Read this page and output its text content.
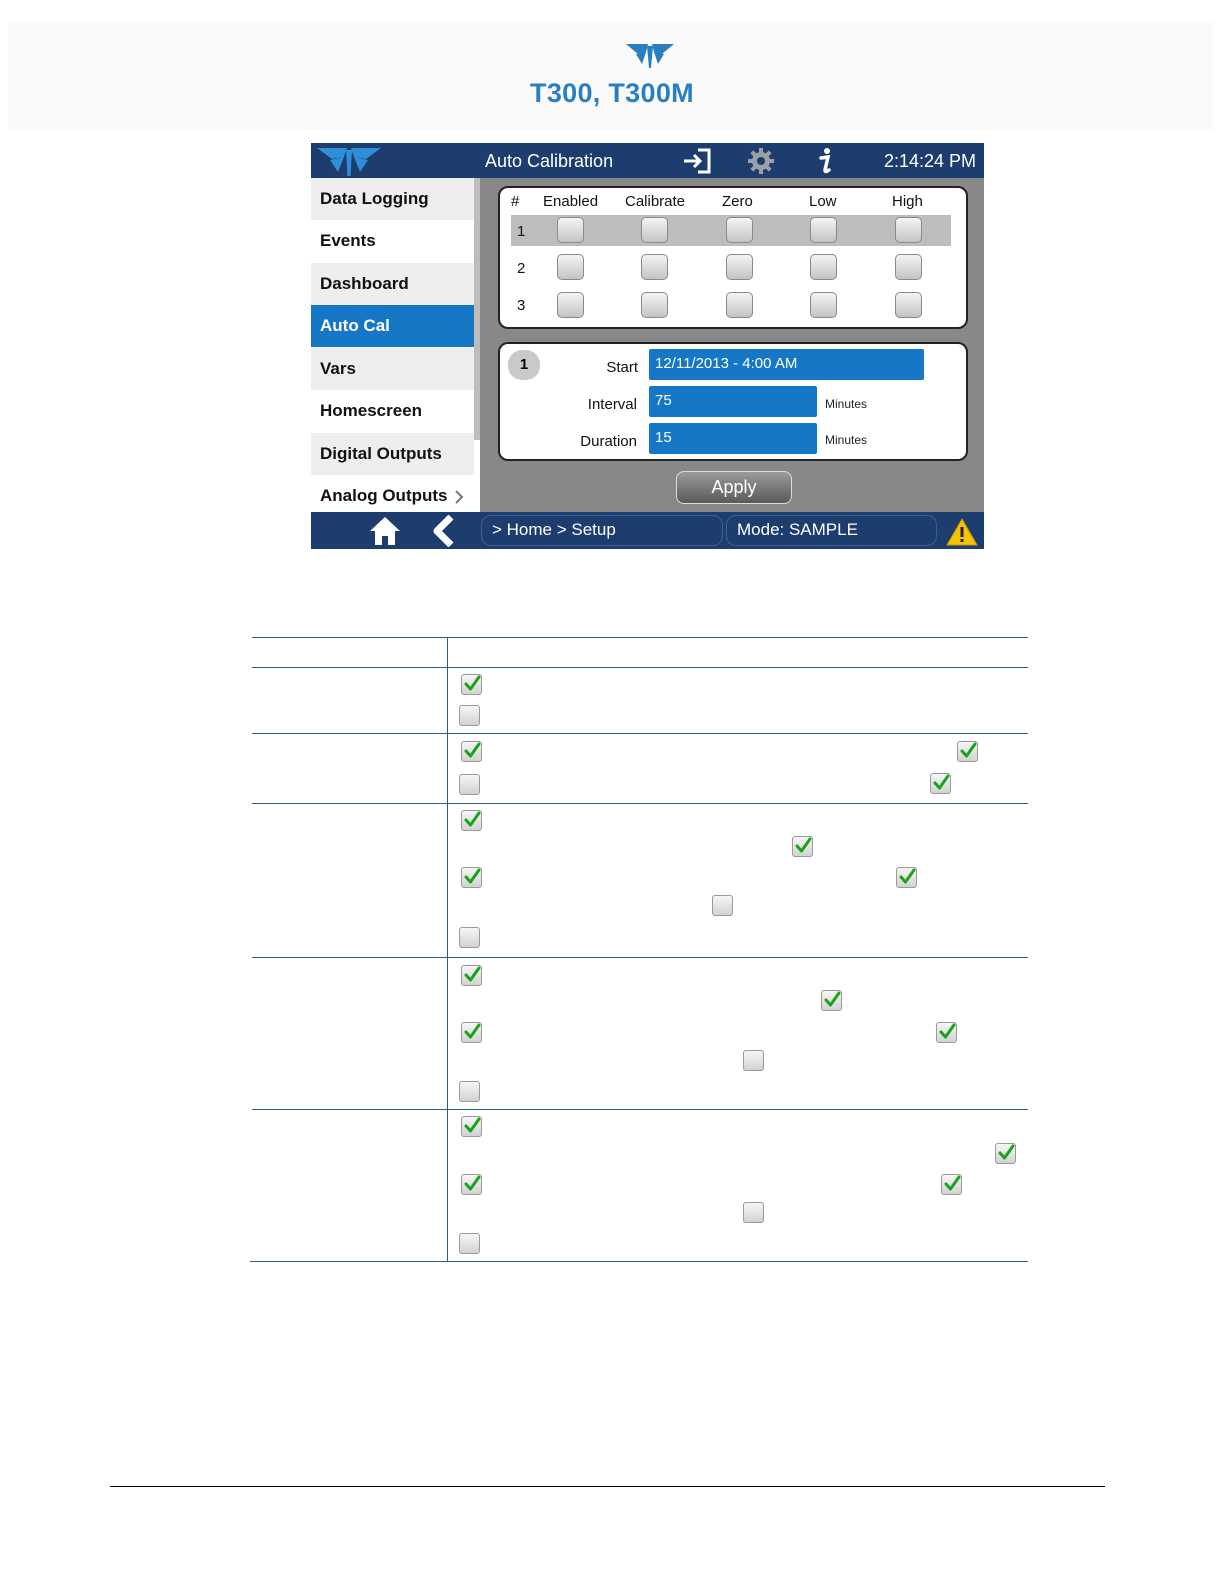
T300, T300M
Auto Calibration	2:14:24 PM
Data Logging
Events
Dashboard
Auto Cal
Vars
Homescreen
Digital Outputs
Analog Outputs
# Enabled Calibrate Zero	Low	High
1
2
3
1	Start	12/11/2013 - 4:00 AM
Interval	75	Minutes
Duration	15	Minutes
Apply
> Home > Setup	Mode: SAMPLE
